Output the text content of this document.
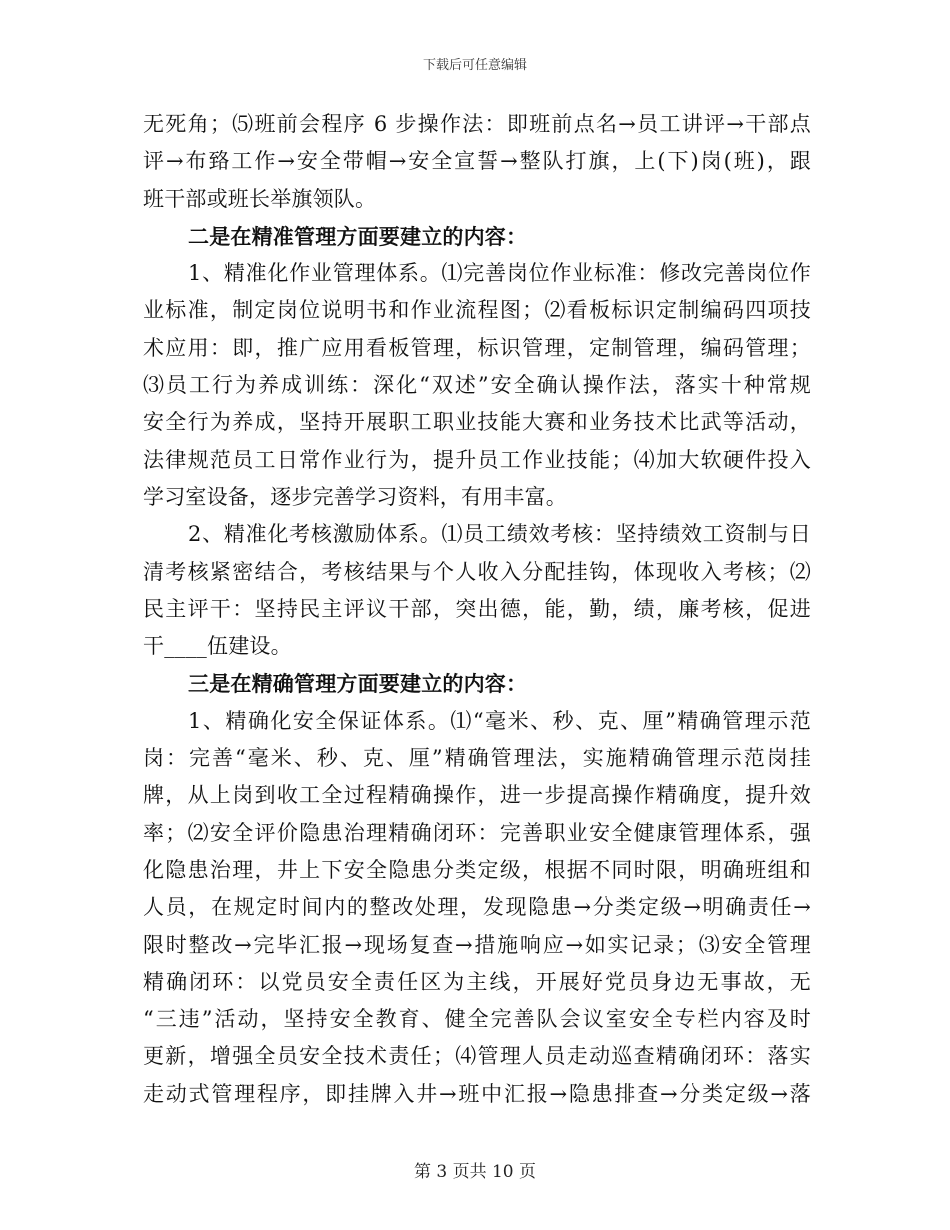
下载后可任意编辑
无死角；⑸班前会程序 6 步操作法：即班前点名→员工讲评→干部点
评→布臵工作→安全带帽→安全宣誓→整队打旗，上(下)岗(班)，跟
班干部或班长举旗领队。
二是在精准管理方面要建立的内容：
1、精准化作业管理体系。⑴完善岗位作业标准：修改完善岗位作
业标准，制定岗位说明书和作业流程图；⑵看板标识定制编码四项技
术应用：即，推广应用看板管理，标识管理，定制管理，编码管理；
⑶员工行为养成训练：深化“双述”安全确认操作法，落实十种常规
安全行为养成，坚持开展职工职业技能大赛和业务技术比武等活动，
法律规范员工日常作业行为，提升员工作业技能；⑷加大软硬件投入
学习室设备，逐步完善学习资料，有用丰富。
2、精准化考核激励体系。⑴员工绩效考核：坚持绩效工资制与日
清考核紧密结合，考核结果与个人收入分配挂钩，体现收入考核；⑵
民主评干：坚持民主评议干部，突出德，能，勤，绩，廉考核，促进
干____伍建设。
三是在精确管理方面要建立的内容：
1、精确化安全保证体系。⑴“毫米、秒、克、厘”精确管理示范
岗：完善“毫米、秒、克、厘”精确管理法，实施精确管理示范岗挂
牌，从上岗到收工全过程精确操作，进一步提高操作精确度，提升效
率；⑵安全评价隐患治理精确闭环：完善职业安全健康管理体系，强
化隐患治理，井上下安全隐患分类定级，根据不同时限，明确班组和
人员，在规定时间内的整改处理，发现隐患→分类定级→明确责任→
限时整改→完毕汇报→现场复查→措施响应→如实记录；⑶安全管理
精确闭环：以党员安全责任区为主线，开展好党员身边无事故，无
“三违”活动，坚持安全教育、健全完善队会议室安全专栏内容及时
更新，增强全员安全技术责任；⑷管理人员走动巡查精确闭环：落实
走动式管理程序，即挂牌入井→班中汇报→隐患排查→分类定级→落
第 3 页共 10 页
